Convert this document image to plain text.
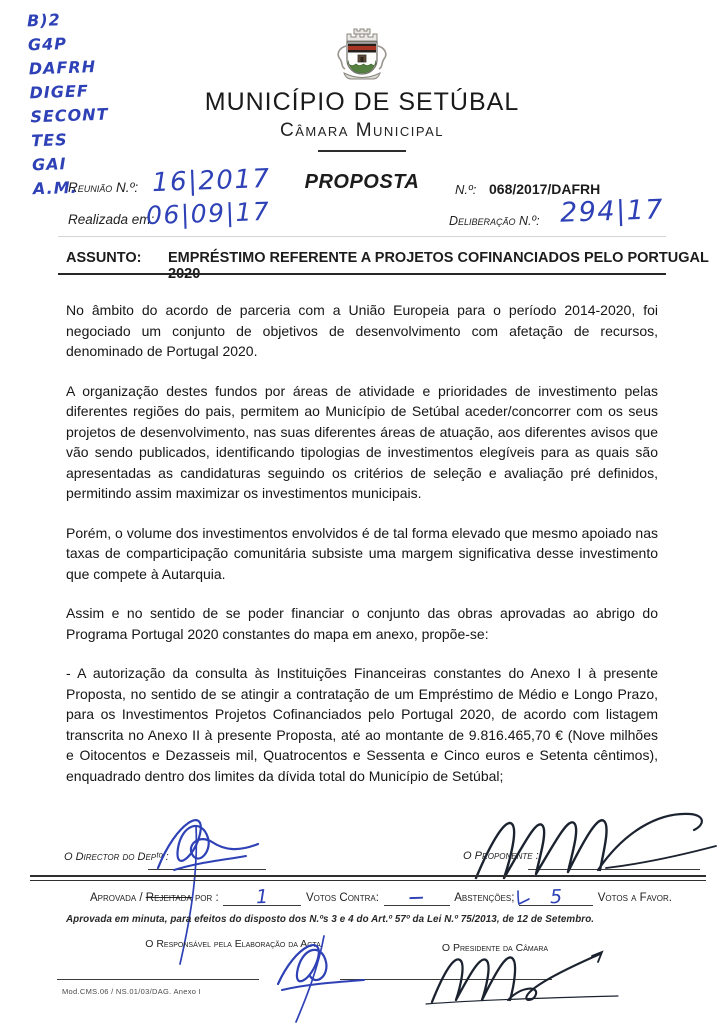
B)2
G4P
DAFRH
DIGEF
SECONT
TES
GAI
A.M.
MUNICÍPIO DE SETÚBAL
Câmara Municipal
Reunião N.º: 16|2017
Realizada em:
06|09|17
PROPOSTA	N.º: 068/2017/DAFRH
Deliberação N.º: 294|17
ASSUNTO: EMPRÉSTIMO REFERENTE A PROJETOS COFINANCIADOS PELO PORTUGAL 2020

No âmbito do acordo de parceria com a União Europeia para o período 2014-2020, foi negociado um conjunto de objetivos de desenvolvimento com afetação de recursos, denominado de Portugal 2020.

A organização destes fundos por áreas de atividade e prioridades de investimento pelas diferentes regiões do pais, permitem ao Município de Setúbal aceder/concorrer com os seus projetos de desenvolvimento, nas suas diferentes áreas de atuação, aos diferentes avisos que vão sendo publicados, identificando tipologias de investimentos elegíveis para as quais são apresentadas as candidaturas seguindo os critérios de seleção e avaliação pré definidos, permitindo assim maximizar os investimentos municipais.

Porém, o volume dos investimentos envolvidos é de tal forma elevado que mesmo apoiado nas taxas de comparticipação comunitária subsiste uma margem significativa desse investimento que compete à Autarquia.

Assim e no sentido de se poder financiar o conjunto das obras aprovadas ao abrigo do Programa Portugal 2020 constantes do mapa em anexo, propõe-se:

- A autorização da consulta às Instituições Financeiras constantes do Anexo I à presente Proposta, no sentido de se atingir a contratação de um Empréstimo de Médio e Longo Prazo, para os Investimentos Projetos Cofinanciados pelo Portugal 2020, de acordo com listagem transcrita no Anexo II à presente Proposta, até ao montante de 9.816.465,70 € (Nove milhões e Oitocentos e Dezasseis mil, Quatrocentos e Sessenta e Cinco euros e Setenta cêntimos), enquadrado dentro dos limites da dívida total do Município de Setúbal;

O Director do Depᵗᵒ :	O Proponente :
Aprovada / Rejeitada por : 1	Votos Contra: —	Abstenções; 5	Votos a Favor.
Aprovada em minuta, para efeitos do disposto dos N.ºs 3 e 4 do Art.º 57º da Lei N.º 75/2013, de 12 de Setembro.
O Responsável pela Elaboração da Acta	O Presidente da Câmara
Mod.CMS.06 / NS.01/03/DAG. Anexo I
